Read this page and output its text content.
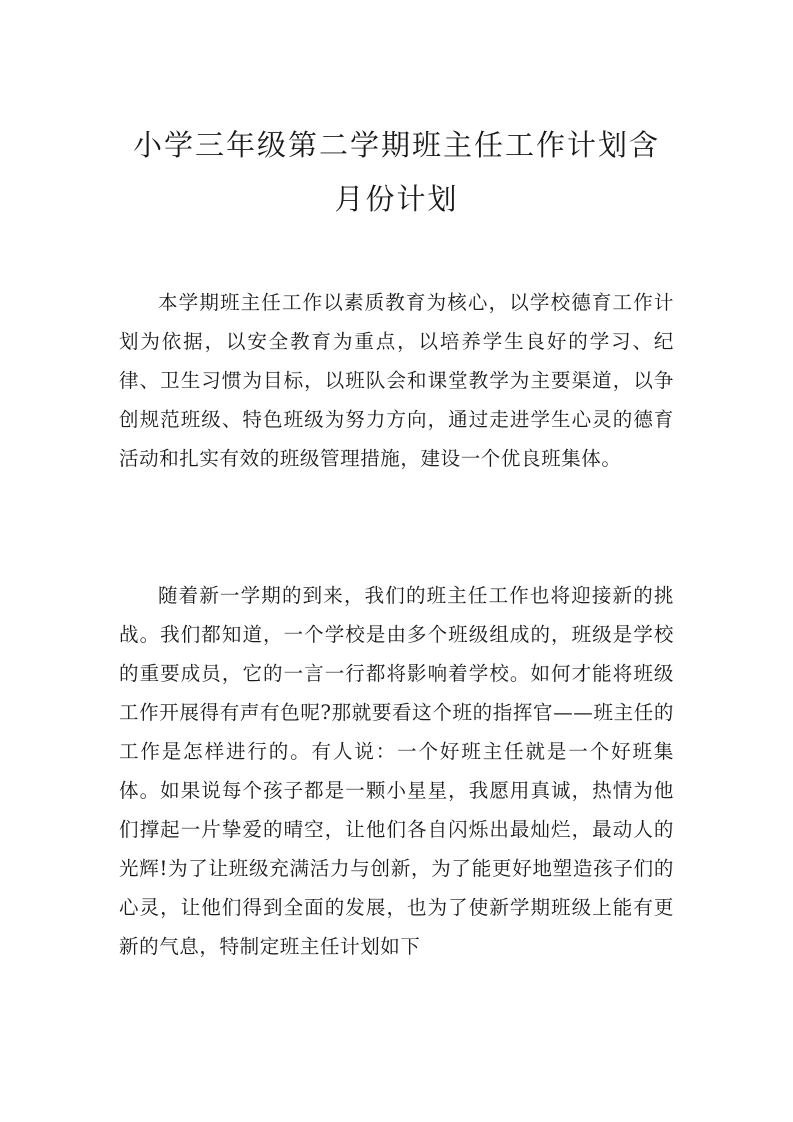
小学三年级第二学期班主任工作计划含月份计划

本学期班主任工作以素质教育为核心，以学校德育工作计划为依据，以安全教育为重点，以培养学生良好的学习、纪律、卫生习惯为目标，以班队会和课堂教学为主要渠道，以争创规范班级、特色班级为努力方向，通过走进学生心灵的德育活动和扎实有效的班级管理措施，建设一个优良班集体。

随着新一学期的到来，我们的班主任工作也将迎接新的挑战。我们都知道，一个学校是由多个班级组成的，班级是学校的重要成员，它的一言一行都将影响着学校。如何才能将班级工作开展得有声有色呢?那就要看这个班的指挥官——班主任的工作是怎样进行的。有人说：一个好班主任就是一个好班集体。如果说每个孩子都是一颗小星星，我愿用真诚，热情为他们撑起一片挚爱的晴空，让他们各自闪烁出最灿烂，最动人的光辉!为了让班级充满活力与创新，为了能更好地塑造孩子们的心灵，让他们得到全面的发展，也为了使新学期班级上能有更新的气息，特制定班主任计划如下
